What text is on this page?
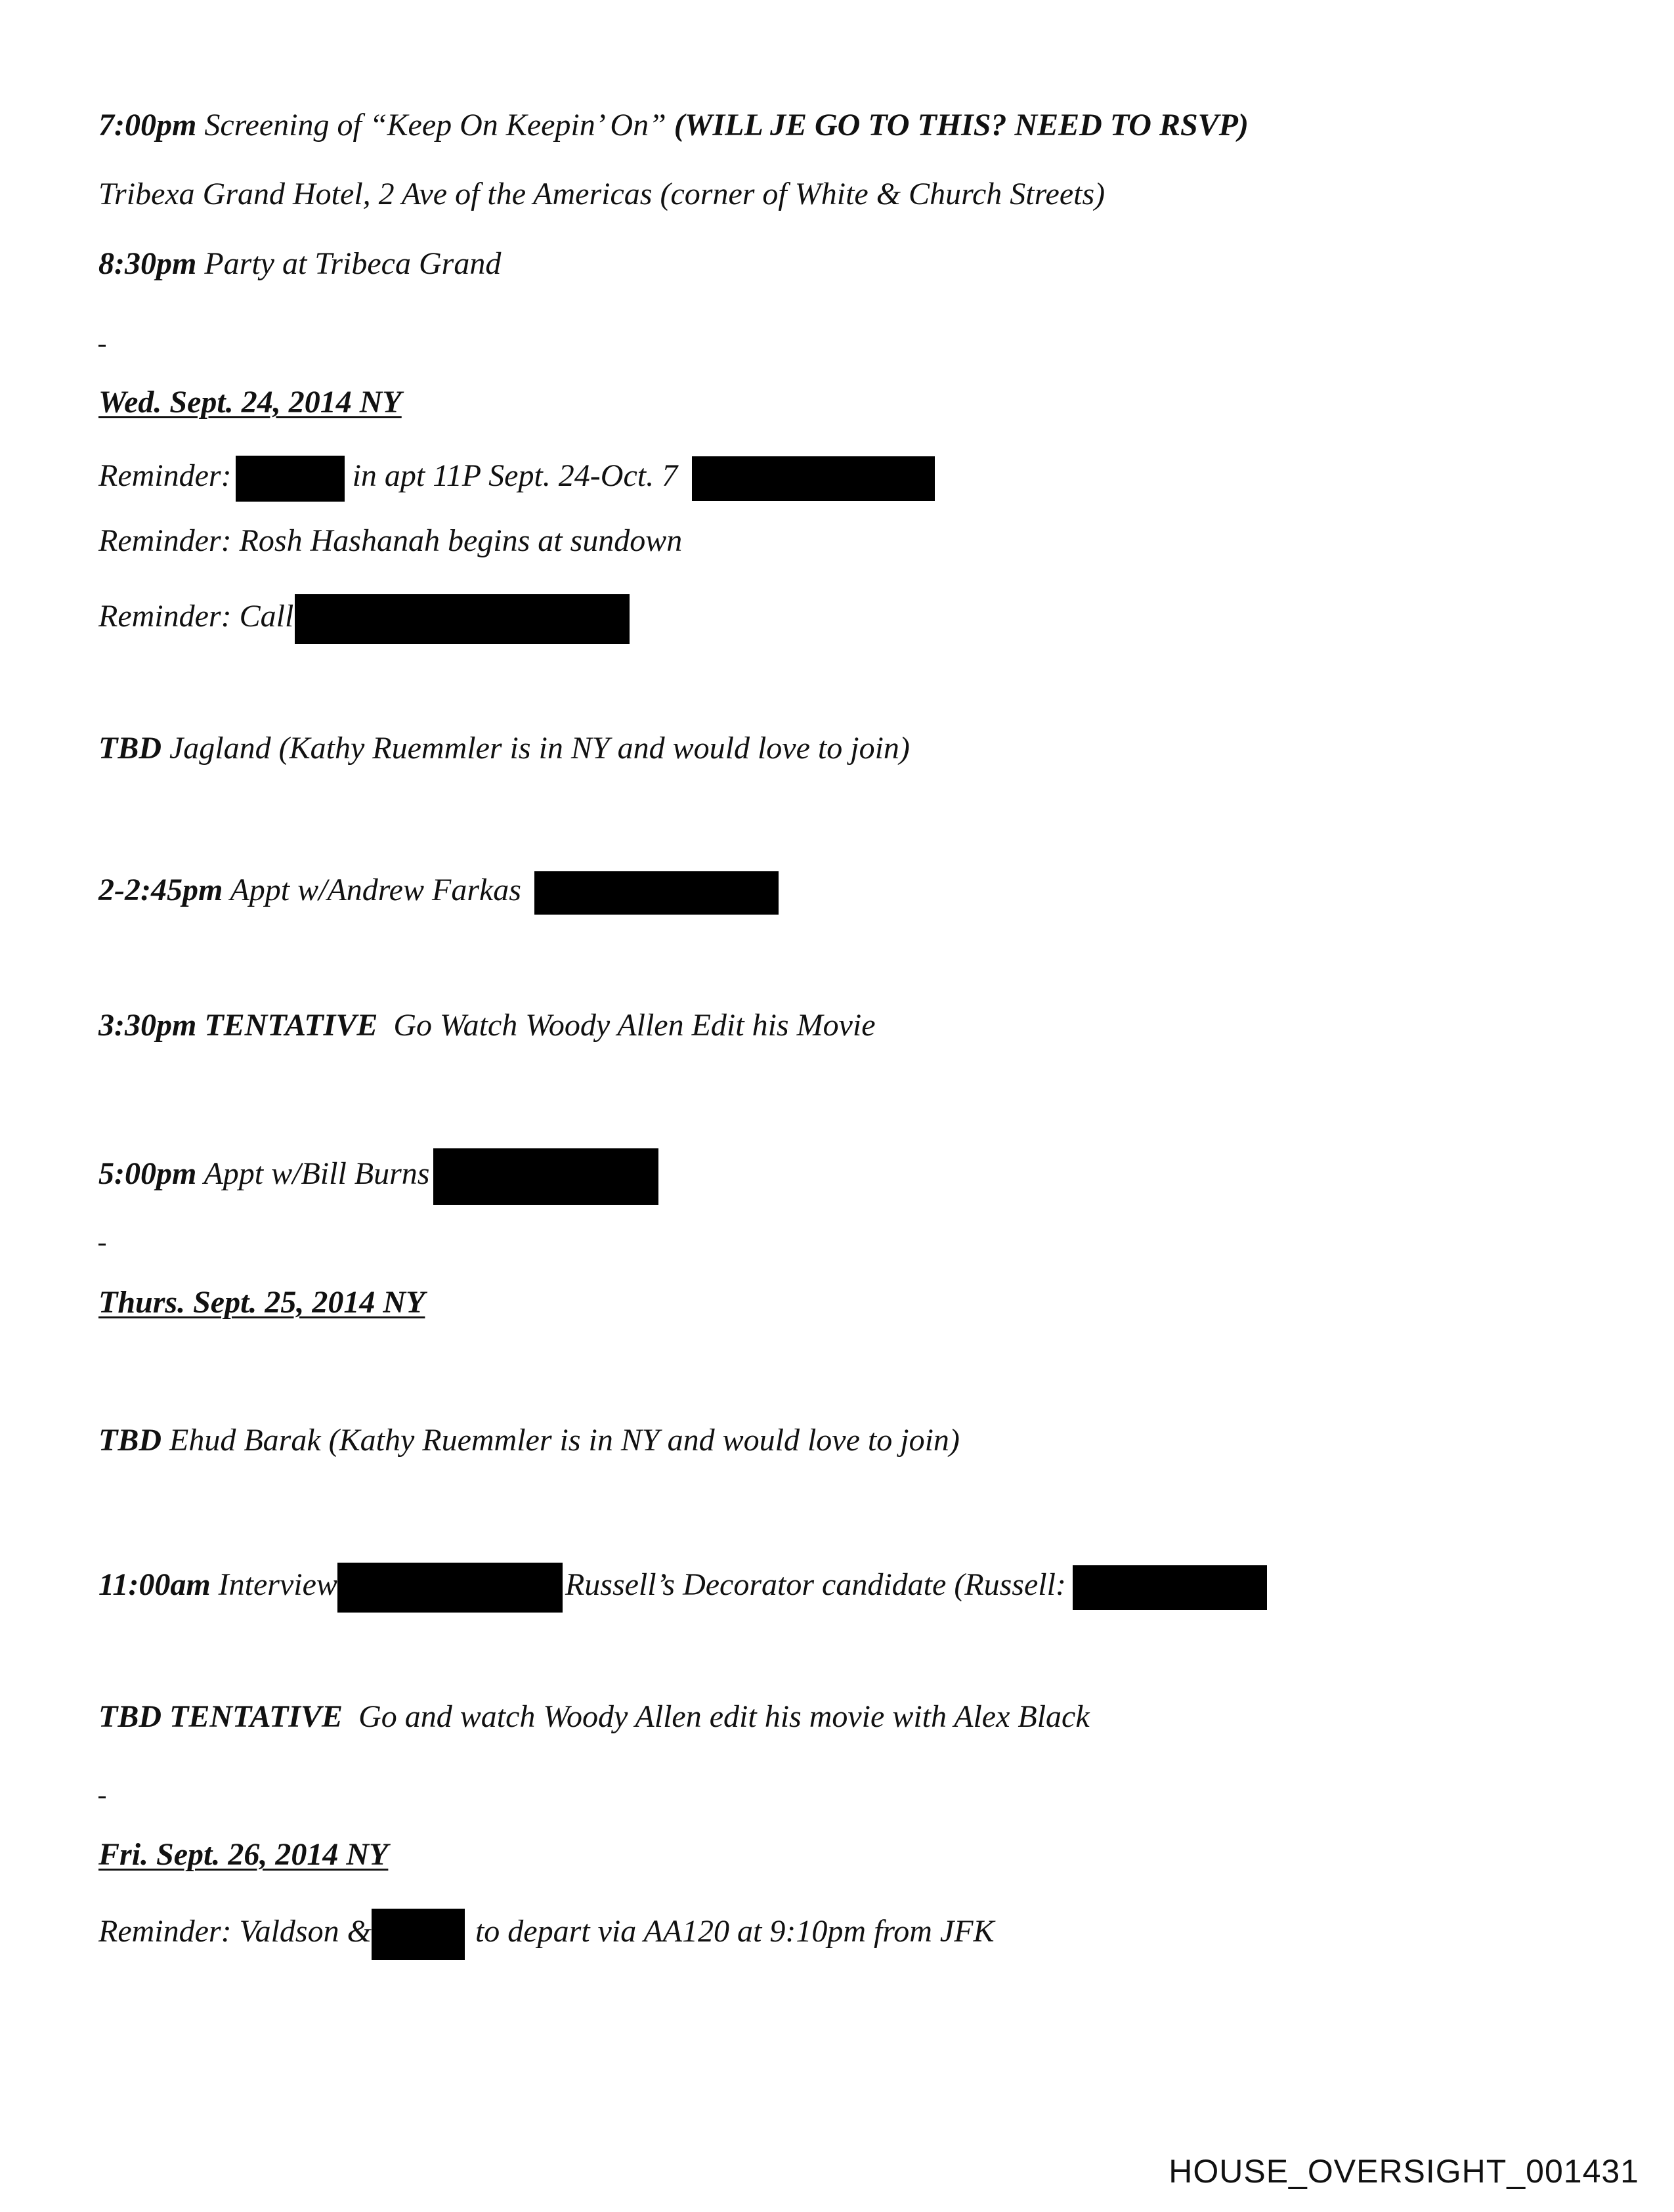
7:00pm Screening of “Keep On Keepin’ On” (WILL JE GO TO THIS? NEED TO RSVP)
Tribexa Grand Hotel, 2 Ave of the Americas (corner of White & Church Streets)
8:30pm Party at Tribeca Grand
Wed. Sept. 24, 2014 NY
Reminder:	in apt 11P Sept. 24-Oct. 7
Reminder: Rosh Hashanah begins at sundown
Reminder: Call
TBD Jagland (Kathy Ruemmler is in NY and would love to join)
2-2:45pm Appt w/Andrew Farkas
3:30pm TENTATIVE Go Watch Woody Allen Edit his Movie
5:00pm Appt w/Bill Burns
Thurs. Sept. 25, 2014 NY
TBD Ehud Barak (Kathy Ruemmler is in NY and would love to join)
11:00am Interview	Russell’s Decorator candidate (Russell:
TBD TENTATIVE Go and watch Woody Allen edit his movie with Alex Black
Fri. Sept. 26, 2014 NY
Reminder: Valdson &	to depart via AA120 at 9:10pm from JFK
HOUSE_OVERSIGHT_001431
